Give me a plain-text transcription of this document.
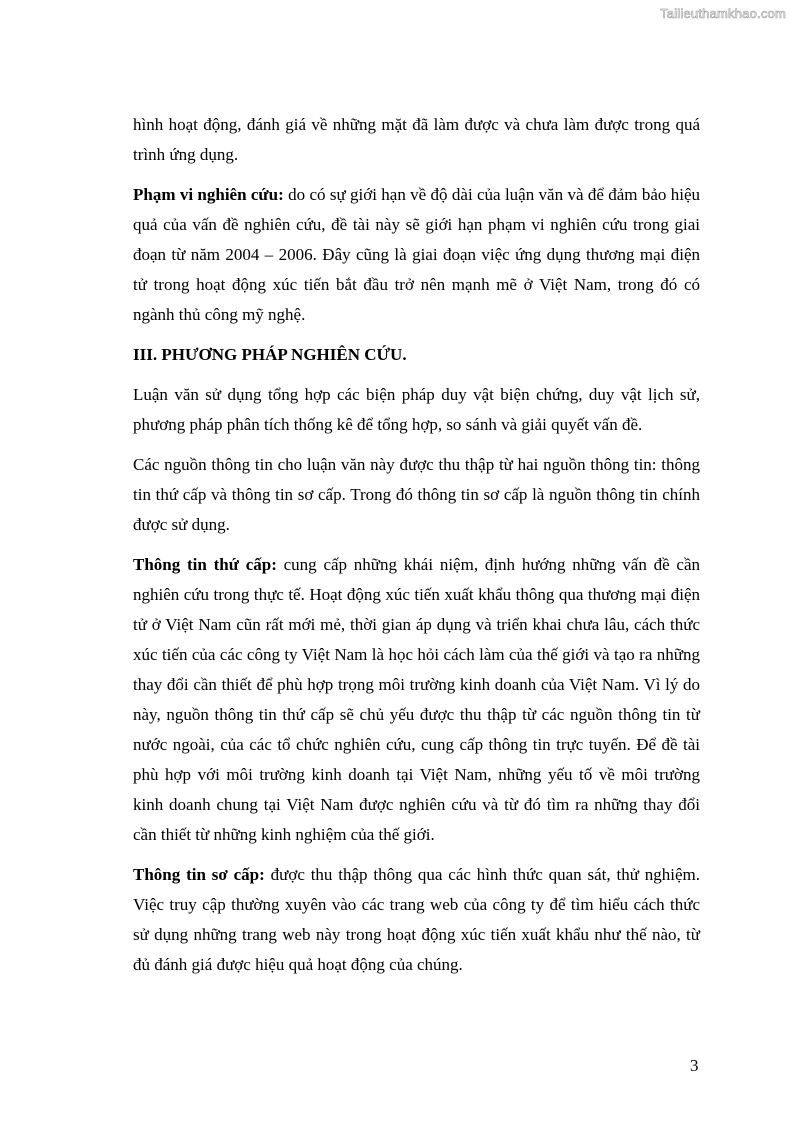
Tailieuthamkhao.com

hình hoạt động, đánh giá về những mặt đã làm được và chưa làm được trong quá trình ứng dụng.

Phạm vi nghiên cứu: do có sự giới hạn về độ dài của luận văn và để đảm bảo hiệu quả của vấn đề nghiên cứu, đề tài này sẽ giới hạn phạm vi nghiên cứu trong giai đoạn từ năm 2004 – 2006. Đây cũng là giai đoạn việc ứng dụng thương mại điện tử trong hoạt động xúc tiến bắt đầu trở nên mạnh mẽ ở Việt Nam, trong đó có ngành thủ công mỹ nghệ.

III. PHƯƠNG PHÁP NGHIÊN CỨU.

Luận văn sử dụng tổng hợp các biện pháp duy vật biện chứng, duy vật lịch sử, phương pháp phân tích thống kê để tổng hợp, so sánh và giải quyết vấn đề.

Các nguồn thông tin cho luận văn này được thu thập từ hai nguồn thông tin: thông tin thứ cấp và thông tin sơ cấp. Trong đó thông tin sơ cấp là nguồn thông tin chính được sử dụng.

Thông tin thứ cấp: cung cấp những khái niệm, định hướng những vấn đề cần nghiên cứu trong thực tế. Hoạt động xúc tiến xuất khẩu thông qua thương mại điện tử ở Việt Nam cũn rất mới mẻ, thời gian áp dụng và triển khai chưa lâu, cách thức xúc tiến của các công ty Việt Nam là học hỏi cách làm của thế giới và tạo ra những thay đổi cần thiết để phù hợp trọng môi trường kinh doanh của Việt Nam. Vì lý do này, nguồn thông tin thứ cấp sẽ chủ yếu được thu thập từ các nguồn thông tin từ nước ngoài, của các tổ chức nghiên cứu, cung cấp thông tin trực tuyến. Để đề tài phù hợp với môi trường kinh doanh tại Việt Nam, những yếu tố về môi trường kinh doanh chung tại Việt Nam được nghiên cứu và từ đó tìm ra những thay đổi cần thiết từ những kinh nghiệm của thế giới.

Thông tin sơ cấp: được thu thập thông qua các hình thức quan sát, thử nghiệm. Việc truy cập thường xuyên vào các trang web của công ty để tìm hiểu cách thức sử dụng những trang web này trong hoạt động xúc tiến xuất khẩu như thế nào, từ đủ đánh giá được hiệu quả hoạt động của chúng.

3
